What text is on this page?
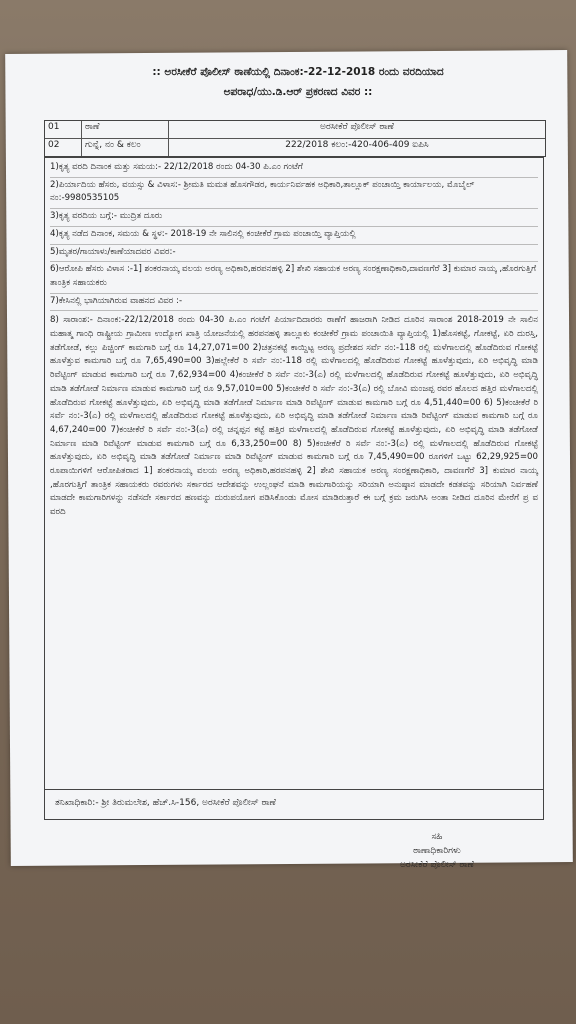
:: ಅರಸೀಕೆರೆ ಪೊಲೀಸ್ ಠಾಣೆಯಲ್ಲಿ ದಿನಾಂಕ:-22-12-2018 ರಂದು ವರದಿಯಾದ
ಅಪರಾಧ/ಯು.ಡಿ.ಆರ್ ಪ್ರಕರಣದ ವಿವರ ::
01	ಠಾಣೆ	ಅರಸೀಕೆರೆ ಪೊಲೀಸ್ ಠಾಣೆ
02	ಗುನ್ನೆ, ನಂ & ಕಲಂ	222/2018 ಕಲಂ:-420-406-409 ಐಪಿಸಿ
1)ಕೃತ್ಯ ವರದಿ ದಿನಾಂಕ ಮತ್ತು ಸಮಯ:- 22/12/2018 ರಂದು 04-30 ಪಿ.ಎಂ ಗಂಟೆಗೆ
2)ಪಿರ್ಯಾದಿಯ ಹೆಸರು, ವಯಸ್ಸು & ವಿಳಾಸ:- ಶ್ರೀಮತಿ ಮಮತ ಹೊಸಗೌಡರ, ಕಾರ್ಯನಿರ್ವಹಕ ಅಧಿಕಾರಿ,ತಾಲ್ಲೂಕ್ ಪಂಚಾಯ್ತಿ ಕಾರ್ಯಾಲಯ, ಮೊಬೈಲ್ ನಂ:-9980535105
3)ಕೃತ್ಯ ವರದಿಯ ಬಗ್ಗೆ:- ಮುದ್ರಿತ ದೂರು
4)ಕೃತ್ಯ ನಡೆದ ದಿನಾಂಕ, ಸಮಯ & ಸ್ಥಳ:- 2018-19 ನೇ ಸಾಲಿನಲ್ಲಿ ಕಂಚೀಕೆರೆ ಗ್ರಾಮ ಪಂಚಾಯ್ತಿ ವ್ಯಾಪ್ತಿಯಲ್ಲಿ
5)ಮೃತರ/ಗಾಯಾಳು/ಕಾಣೆಯಾದವರ ವಿವರ:-
6)ಆರೋಪಿ ಹೆಸರು ವಿಳಾಸ :-1] ಶಂಕರನಾಯ್ಕ ವಲಯ ಅರಣ್ಯ ಅಧಿಕಾರಿ,ಹರಪನಹಳ್ಳಿ 2] ಶೇಖಿ ಸಹಾಯಕ ಅರಣ್ಯ ಸಂರಕ್ಷಣಾಧಿಕಾರಿ,ದಾವಣಗೆರೆ 3] ಕುಮಾರ ನಾಯ್ಕ ,ಹೊರಗುತ್ತಿಗೆ ತಾಂತ್ರಿಕ ಸಹಾಯಕರು
7)ಕೇಸಿನಲ್ಲಿ ಭಾಗಿಯಾಗಿರುವ ವಾಹನದ ವಿವರ :-
8) ಸಾರಾಂಶ:- ದಿನಾಂಕ:-22/12/2018 ರಂದು 04-30 ಪಿ.ಎಂ ಗಂಟೆಗೆ ಪಿರ್ಯಾದಿದಾರರು ಠಾಣೆಗೆ ಹಾಜರಾಗಿ ನೀಡಿದ ದೂರಿನ ಸಾರಾಂಶ 2018-2019 ನೇ ಸಾಲಿನ ಮಹಾತ್ಮ ಗಾಂಧಿ ರಾಷ್ಟ್ರೀಯ ಗ್ರಾಮೀಣ ಉದ್ಯೋಗ ಖಾತ್ರಿ ಯೋಜನೆಯಲ್ಲಿ ಹರಪನಹಳ್ಳಿ ತಾಲ್ಲೂಕು ಕಂಚೀಕೆರೆ ಗ್ರಾಮ ಪಂಚಾಯಿತಿ ವ್ಯಾಪ್ತಿಯಲ್ಲಿ 1)ಹೊಸಕಟ್ಟೆ, ಗೋಕಟ್ಟೆ, ಏರಿ ದುರಸ್ತಿ, ತಡೆಗೋಡೆ, ಕಲ್ಲು ಪಿಚ್ಚಿಂಗ್ ಕಾಮಗಾರಿ ಬಗ್ಗೆ ರೂ 14,27,071=00 2)ಚತ್ರನಕಟ್ಟೆ ಕಾಯ್ದಿಟ್ಟ ಅರಣ್ಯ ಪ್ರದೇಶದ ಸರ್ವೆ ನಂ:-118 ರಲ್ಲಿ ಮಳೆಗಾಲದಲ್ಲಿ ಹೊಡೆದಿರುವ ಗೋಕಟ್ಟೆ ಹೂಳೆತ್ತುವ ಕಾಮಗಾರಿ ಬಗ್ಗೆ ರೂ 7,65,490=00 3)ಹಲ್ಲೇಕೆರೆ ರಿ ಸರ್ವೆ ನಂ:-118 ರಲ್ಲಿ ಮಳೆಗಾಲದಲ್ಲಿ ಹೊಡೆದಿರುವ ಗೋಕಟ್ಟೆ ಹೂಳೆತ್ತುವುದು, ಏರಿ ಅಭಿವೃದ್ಧಿ ಮಾಡಿ ರಿವೆಟ್ಟಿಂಗ್ ಮಾಡುವ ಕಾಮಗಾರಿ ಬಗ್ಗೆ ರೂ 7,62,934=00 4)ಕಂಚೀಕೆರೆ ರಿ ಸರ್ವೆ ನಂ:-3(ಎ) ರಲ್ಲಿ ಮಳೆಗಾಲದಲ್ಲಿ ಹೊಡೆದಿರುವ ಗೋಕಟ್ಟೆ ಹೂಳೆತ್ತುವುದು, ಏರಿ ಅಭಿವೃದ್ಧಿ ಮಾಡಿ ತಡೆಗೋಡೆ ನಿರ್ಮಾಣ ಮಾಡುವ ಕಾಮಗಾರಿ ಬಗ್ಗೆ ರೂ 9,57,010=00 5)ಕಂಚೀಕೆರೆ ರಿ ಸರ್ವೆ ನಂ:-3(ಎ) ರಲ್ಲಿ ಬೋವಿ ಮಂಜಪ್ಪ ರವರ ಹೊಲದ ಹತ್ತಿರ ಮಳೆಗಾಲದಲ್ಲಿ ಹೊಡೆದಿರುವ ಗೋಕಟ್ಟೆ ಹೂಳೆತ್ತುವುದು, ಏರಿ ಅಭಿವೃದ್ಧಿ ಮಾಡಿ ತಡೆಗೋಡೆ ನಿರ್ಮಾಣ ಮಾಡಿ ರಿವೆಟ್ಟಿಂಗ್ ಮಾಡುವ ಕಾಮಗಾರಿ ಬಗ್ಗೆ ರೂ 4,51,440=00 6) 5)ಕಂಚೀಕೆರೆ ರಿ ಸರ್ವೆ ನಂ:-3(ಎ) ರಲ್ಲಿ ಮಳೆಗಾಲದಲ್ಲಿ ಹೊಡೆದಿರುವ ಗೋಕಟ್ಟೆ ಹೂಳೆತ್ತುವುದು, ಏರಿ ಅಭಿವೃದ್ಧಿ ಮಾಡಿ ತಡೆಗೋಡೆ ನಿರ್ಮಾಣ ಮಾಡಿ ರಿವೆಟ್ಟಿಂಗ್ ಮಾಡುವ ಕಾಮಗಾರಿ ಬಗ್ಗೆ ರೂ 4,67,240=00 7)ಕಂಚೀಕೆರೆ ರಿ ಸರ್ವೆ ನಂ:-3(ಎ) ರಲ್ಲಿ ಚನ್ನಪ್ಪನ ಕಟ್ಟೆ ಹತ್ತಿರ ಮಳೆಗಾಲದಲ್ಲಿ ಹೊಡೆದಿರುವ ಗೋಕಟ್ಟೆ ಹೂಳೆತ್ತುವುದು, ಏರಿ ಅಭಿವೃದ್ಧಿ ಮಾಡಿ ತಡೆಗೋಡೆ ನಿರ್ಮಾಣ ಮಾಡಿ ರಿವೆಟ್ಟಿಂಗ್ ಮಾಡುವ ಕಾಮಗಾರಿ ಬಗ್ಗೆ ರೂ 6,33,250=00 8) 5)ಕಂಚೀಕೆರೆ ರಿ ಸರ್ವೆ ನಂ:-3(ಎ) ರಲ್ಲಿ ಮಳೆಗಾಲದಲ್ಲಿ ಹೊಡೆದಿರುವ ಗೋಕಟ್ಟೆ ಹೂಳೆತ್ತುವುದು, ಏರಿ ಅಭಿವೃದ್ಧಿ ಮಾಡಿ ತಡೆಗೋಡೆ ನಿರ್ಮಾಣ ಮಾಡಿ ರಿವೆಟ್ಟಿಂಗ್ ಮಾಡುವ ಕಾಮಗಾರಿ ಬಗ್ಗೆ ರೂ 7,45,490=00 ರೂಗಳಿಗೆ ಒಟ್ಟು 62,29,925=00 ರೂಪಾಯಿಗಳಿಗೆ ಆರೋಪಿತರಾದ 1] ಶಂಕರನಾಯ್ಕ ವಲಯ ಅರಣ್ಯ ಅಧಿಕಾರಿ,ಹರಪನಹಳ್ಳಿ 2] ಶೇಖಿ ಸಹಾಯಕ ಅರಣ್ಯ ಸಂರಕ್ಷಣಾಧಿಕಾರಿ, ದಾವಣಗೆರೆ 3] ಕುಮಾರ ನಾಯ್ಕ ,ಹೊರಗುತ್ತಿಗೆ ತಾಂತ್ರಿಕ ಸಹಾಯಕರು ರವರುಗಳು ಸರ್ಕಾರದ ಆದೇಶವನ್ನು ಉಲ್ಲಂಘನೆ ಮಾಡಿ ಕಾಮಗಾರಿಯನ್ನು ಸರಿಯಾಗಿ ಅನುಷ್ಠಾನ ಮಾಡದೇ ಕಡತವನ್ನು ಸರಿಯಾಗಿ ನಿರ್ವಹಣೆ ಮಾಡದೇ ಕಾಮಗಾರಿಗಳನ್ನು ನಡೆಸದೇ ಸರ್ಕಾರದ ಹಣವನ್ನು ದುರುಪಯೋಗ ಪಡಿಸಿಕೊಂಡು ಮೋಸ ಮಾಡಿರುತ್ತಾರೆ ಈ ಬಗ್ಗೆ ಕ್ರಮ ಜರುಗಿಸಿ ಅಂತಾ ನೀಡಿದ ದೂರಿನ ಮೇರೆಗೆ ಪ್ರ ವ ವರದಿ
ತನಿಖಾಧಿಕಾರಿ:- ಶ್ರೀ ತಿರುಮಲೇಶ, ಹೆಚ್.ಸಿ-156, ಅರಸೀಕೆರೆ ಪೊಲೀಸ್ ಠಾಣೆ
ಸಹಿ
ಠಾಣಾಧಿಕಾರಿಗಳು
ಅರಸೀಕೆರೆ ಪೊಲೀಸ್ ಠಾಣೆ
